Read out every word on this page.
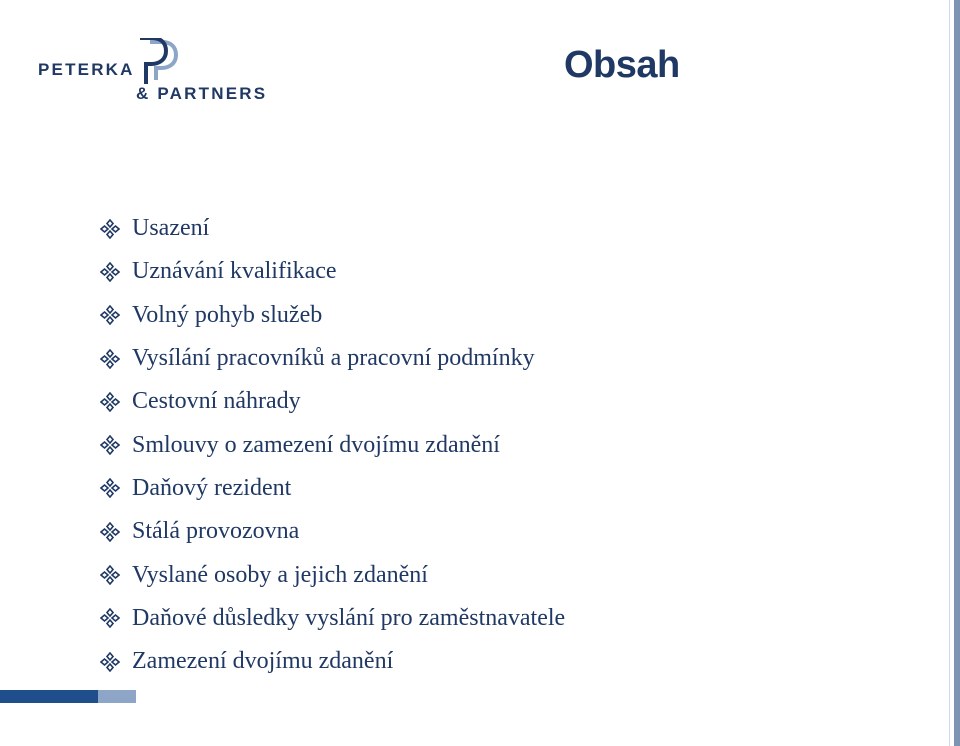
PETERKA
& PARTNERS
Obsah
Usazení
Uznávání kvalifikace
Volný pohyb služeb
Vysílání pracovníků a pracovní podmínky
Cestovní náhrady
Smlouvy o zamezení dvojímu zdanění
Daňový rezident
Stálá provozovna
Vyslané osoby a jejich zdanění
Daňové důsledky vyslání pro zaměstnavatele
Zamezení dvojímu zdanění
